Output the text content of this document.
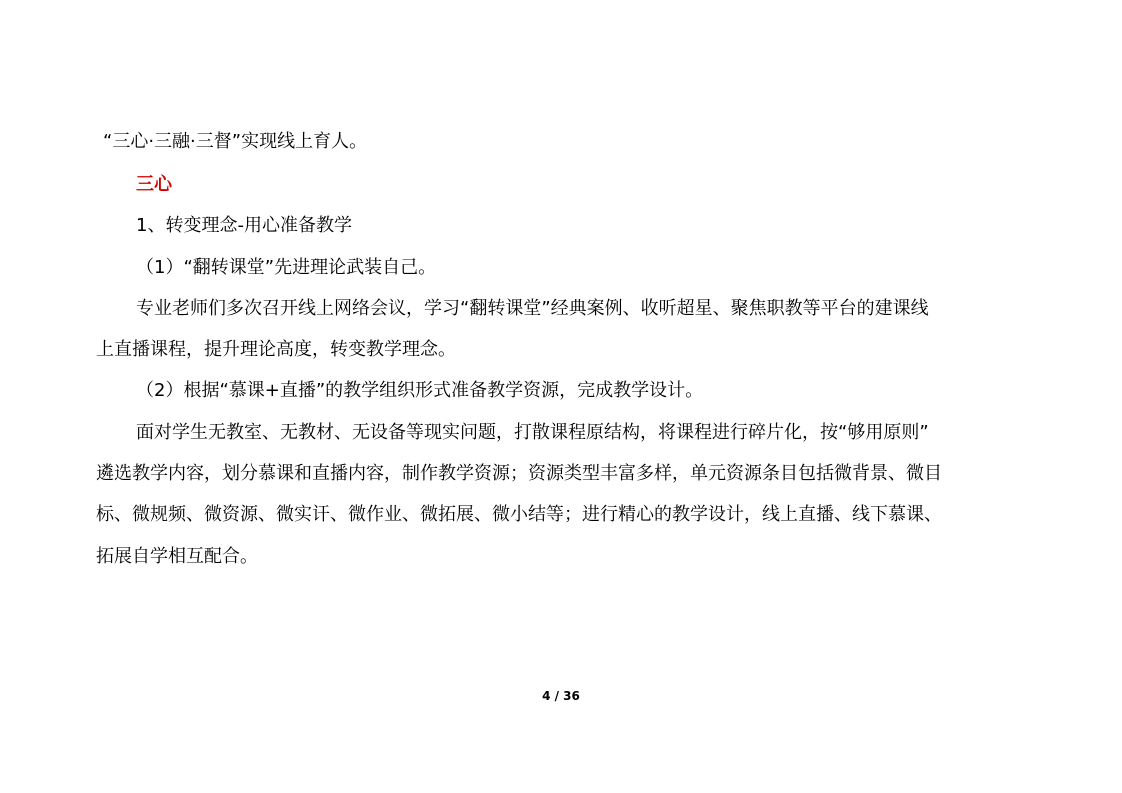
“三心·三融·三督”实现线上育人。
三心
1、转变理念-用心准备教学
（1）“翻转课堂”先进理论武装自己。
专业老师们多次召开线上网络会议，学习“翻转课堂”经典案例、收听超星、聚焦职教等平台的建课线
上直播课程，提升理论高度，转变教学理念。
（2）根据“慕课+直播”的教学组织形式准备教学资源，完成教学设计。
面对学生无教室、无教材、无设备等现实问题，打散课程原结构，将课程进行碎片化，按“够用原则”
遴选教学内容，划分慕课和直播内容，制作教学资源；资源类型丰富多样，单元资源条目包括微背景、微目
标、微规频、微资源、微实讦、微作业、微拓展、微小结等；进行精心的教学设计，线上直播、线下慕课、
拓展自学相互配合。
4 / 36
